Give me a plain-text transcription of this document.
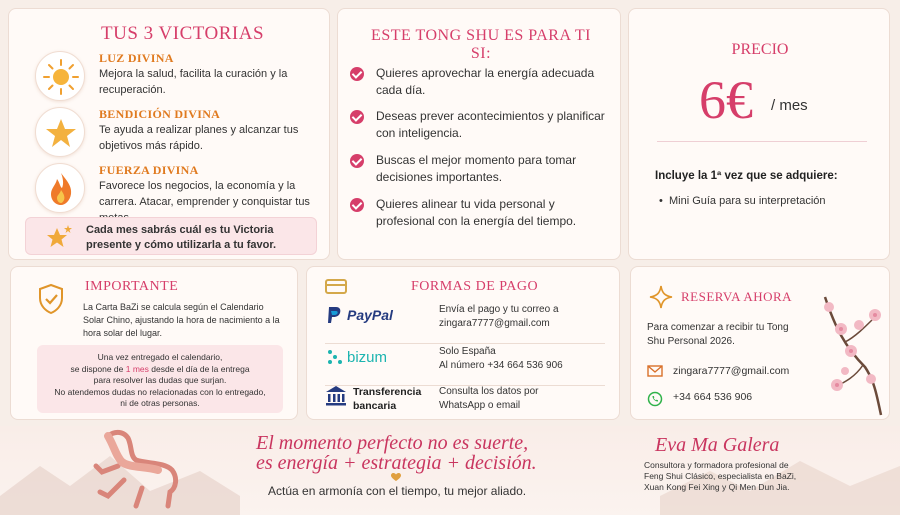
TUS 3 VICTORIAS
LUZ DIVINA
Mejora la salud, facilita la curación y la recuperación.
BENDICIÓN DIVINA
Te ayuda a realizar planes y alcanzar tus objetivos más rápido.
FUERZA DIVINA
Favorece los negocios, la economía y la carrera. Atacar, emprender y conquistar tus
Cada mes sabrás cuál es tu Victoria presente y cómo utilizarla a tu favor.
ESTE TONG SHU ES PARA TI SI:
Quieres aprovechar la energía adecuada cada día.
Deseas prever acontecimientos y planificar con inteligencia.
Buscas el mejor momento para tomar decisiones importantes.
Quieres alinear tu vida personal y profesional con la energía del tiempo.
PRECIO
6€ / mes
Incluye la 1ª vez que se adquiere:
•  Mini Guía para su interpretación
IMPORTANTE
La Carta BaZi se calcula según el Calendario Solar Chino, ajustando la hora de nacimiento a la hora solar del lugar.
Una vez entregado el calendario,
se dispone de 1 mes desde el día de la entrega
para resolver las dudas que surjan.
No atendemos dudas no relacionadas con lo entregado,
ni de otras personas.
FORMAS DE PAGO
PayPal	Envía el pago y tu correo a
zingara7777@gmail.com
bizum	Solo España
Al número +34 664 536 906
Transferencia bancaria
Consulta los datos por
WhatsApp o email
RESERVA AHORA
Para comenzar a recibir tu Tong Shu Personal 2026.
zingara7777@gmail.com
+34 664 536 906
El momento perfecto no es suerte,
es energía + estrategia + decisión.
Actúa en armonía con el tiempo, tu mejor aliado.
Eva Ma Galera
Consultora y formadora profesional de Feng Shui Clásico, especialista en BaZi, Xuan Kong Fei Xing y Qi Men Dun Jia.
